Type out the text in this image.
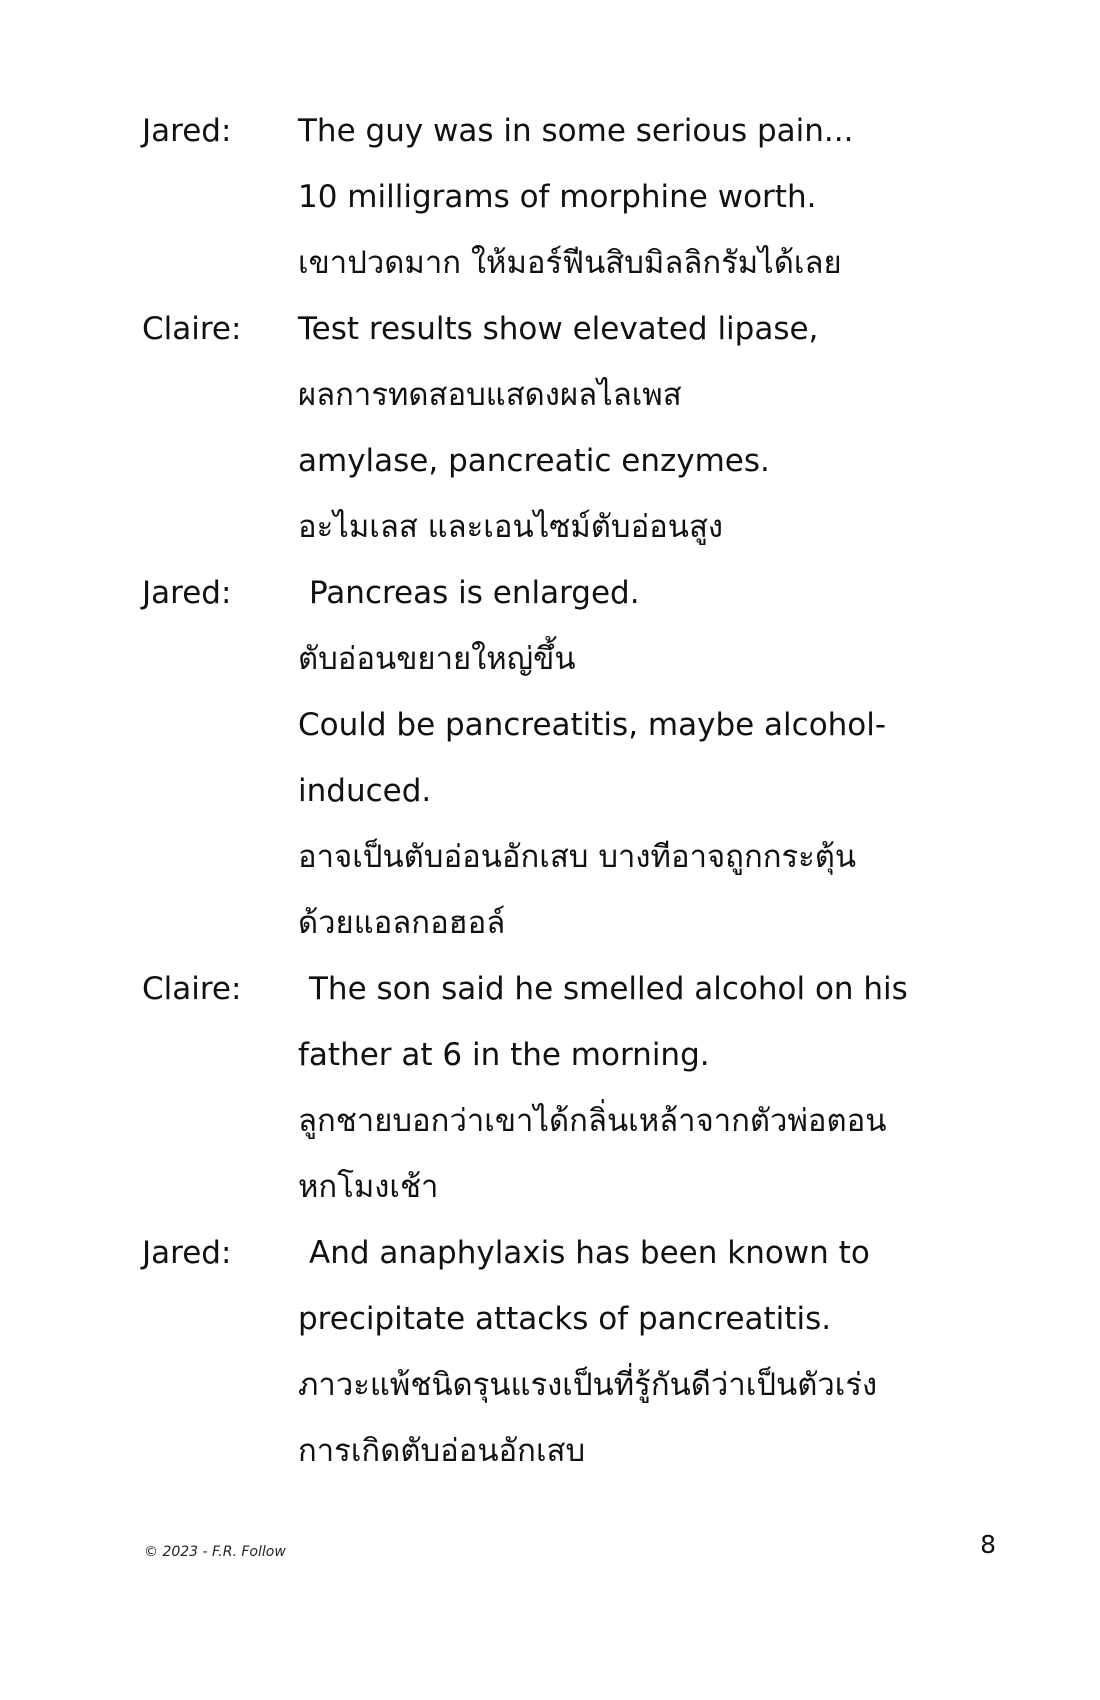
Jared: The guy was in some serious pain...
10 milligrams of morphine worth.
เขาปวดมาก ให้มอร์ฟีนสิบมิลลิกรัมได้เลย
Claire: Test results show elevated lipase,
ผลการทดสอบแสดงผลไลเพส
amylase, pancreatic enzymes.
อะไมเลส และเอนไซม์ตับอ่อนสูง
Jared:	Pancreas is enlarged.
ตับอ่อนขยายใหญ่ขึ้น
Could be pancreatitis, maybe alcohol-
induced.
อาจเป็นตับอ่อนอักเสบ บางทีอาจถูกกระตุ้น
ด้วยแอลกอฮอล์
Claire: The son said he smelled alcohol on his
father at 6 in the morning.
ลูกชายบอกว่าเขาได้กลิ่นเหล้าจากตัวพ่อตอน
หกโมงเช้า
Jared:	And anaphylaxis has been known to
precipitate attacks of pancreatitis.
ภาวะแพ้ชนิดรุนแรงเป็นที่รู้กันดีว่าเป็นตัวเร่ง
การเกิดตับอ่อนอักเสบ
© 2023 - F.R. Follow	8
